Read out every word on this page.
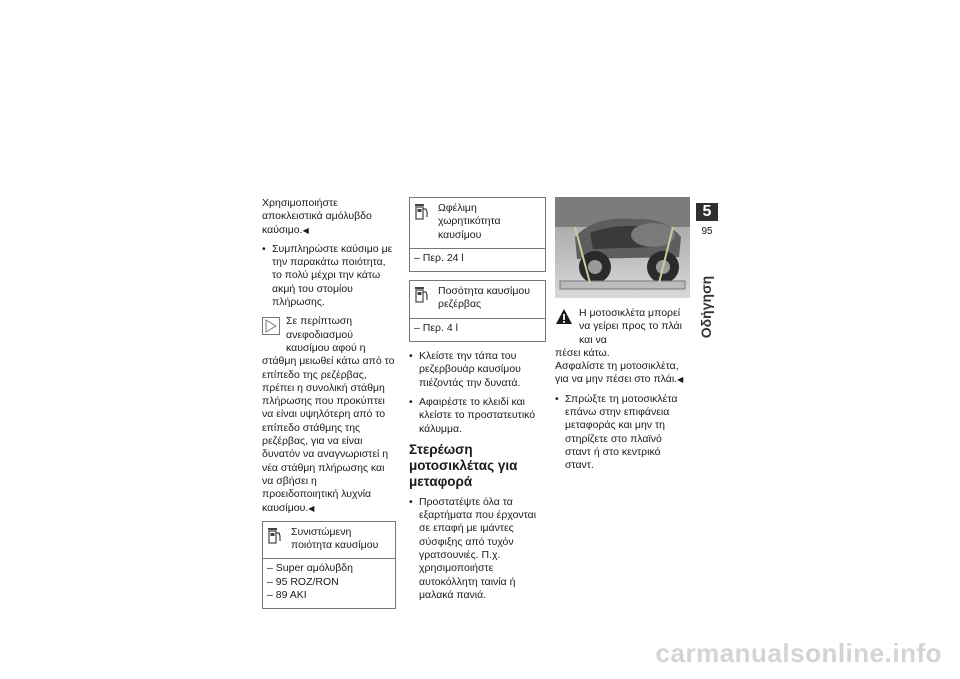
Χρησιμοποιήστε αποκλειστικά αμόλυβδο καύσιμο.◀

• Συμπληρώστε καύσιμο με την παρακάτω ποιότητα, το πολύ μέχρι την κάτω ακμή του στομίου πλήρωσης.
Σε περίπτωση ανεφοδιασμού καυσίμου αφού η
στάθμη μειωθεί κάτω από το επίπεδο της ρεζέρβας, πρέπει η συνολική στάθμη πλήρωσης που προκύπτει να είναι υψηλότερη από το επίπεδο στάθμης της ρεζέρβας, για να είναι δυνατόν να αναγνωριστεί η νέα στάθμη πλήρωσης και να σβήσει η προειδοποιητική λυχνία καυσίμου.◀
Συνιστώμενη ποιότητα καυσίμου
– Super αμόλυβδη
– 95 ROZ/RON
– 89 AKI
Ωφέλιμη χωρητικότητα καυσίμου
– Περ. 24 l
Ποσότητα καυσίμου ρεζέρβας
– Περ. 4 l
• Κλείστε την τάπα του ρεζερβουάρ καυσίμου πιέζοντάς την δυνατά.
• Αφαιρέστε το κλειδί και κλείστε το προστατευτικό κάλυμμα.
Στερέωση μοτοσικλέτας για μεταφορά
• Προστατέψτε όλα τα εξαρτήματα που έρχονται σε επαφή με ιμάντες σύσφιξης από τυχόν γρατσουνιές. Π.χ. χρησιμοποιήστε αυτοκόλλητη ταινία ή μαλακά πανιά.
Η μοτοσικλέτα μπορεί να γείρει προς το πλάι και να
πέσει κάτω.
Ασφαλίστε τη μοτοσικλέτα, για να μην πέσει στο πλάι.◀
• Σπρώξτε τη μοτοσικλέτα επάνω στην επιφάνεια μεταφοράς και μην τη στηρίζετε στο πλαϊνό σταντ ή στο κεντρικό σταντ.
5
95
Οδήγηση
carmanualsonline.info
